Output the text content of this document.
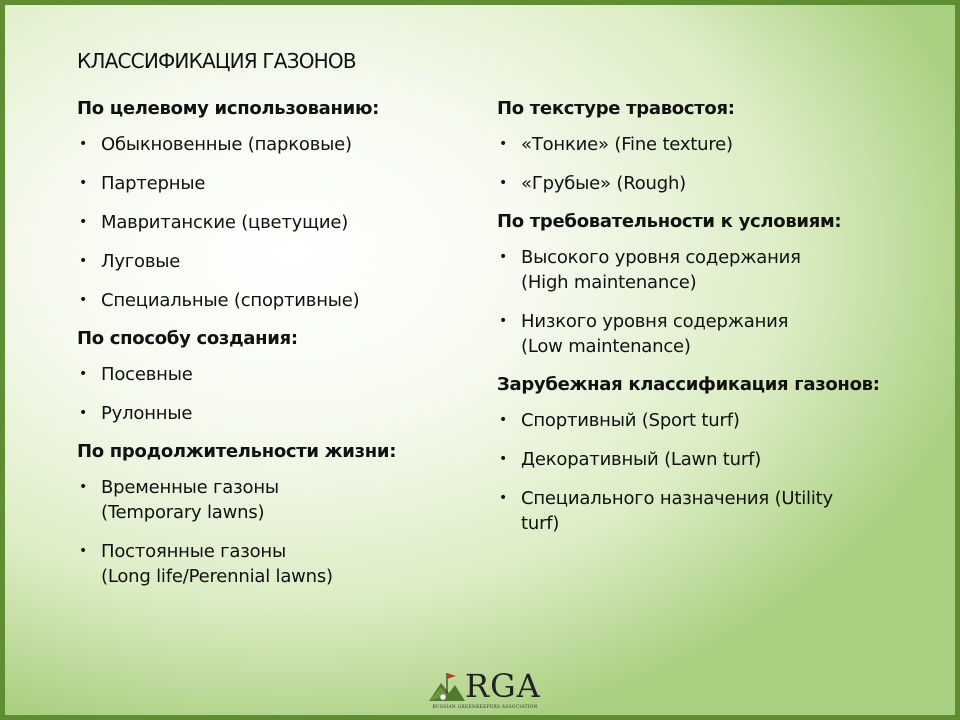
КЛАССИФИКАЦИЯ ГАЗОНОВ
По целевому использованию:
• Обыкновенные (парковые)
• Партерные
• Мавританские (цветущие)
• Луговые
• Специальные (спортивные)
По способу создания:
• Посевные
• Рулонные
По продолжительности жизни:
• Временные газоны
(Temporary lawns)
• Постоянные газоны
(Long life/Perennial lawns)
По текстуре травостоя:
• «Тонкие» (Fine texture)
• «Грубые» (Rough)
По требовательности к условиям:
• Высокого уровня содержания
(High maintenance)
• Низкого уровня содержания
(Low maintenance)
Зарубежная классификация газонов:
• Спортивный (Sport turf)
• Декоративный (Lawn turf)
• Специального назначения (Utility
turf)
RGA
RUSSIAN GREENKEEPERS ASSOCIATION
